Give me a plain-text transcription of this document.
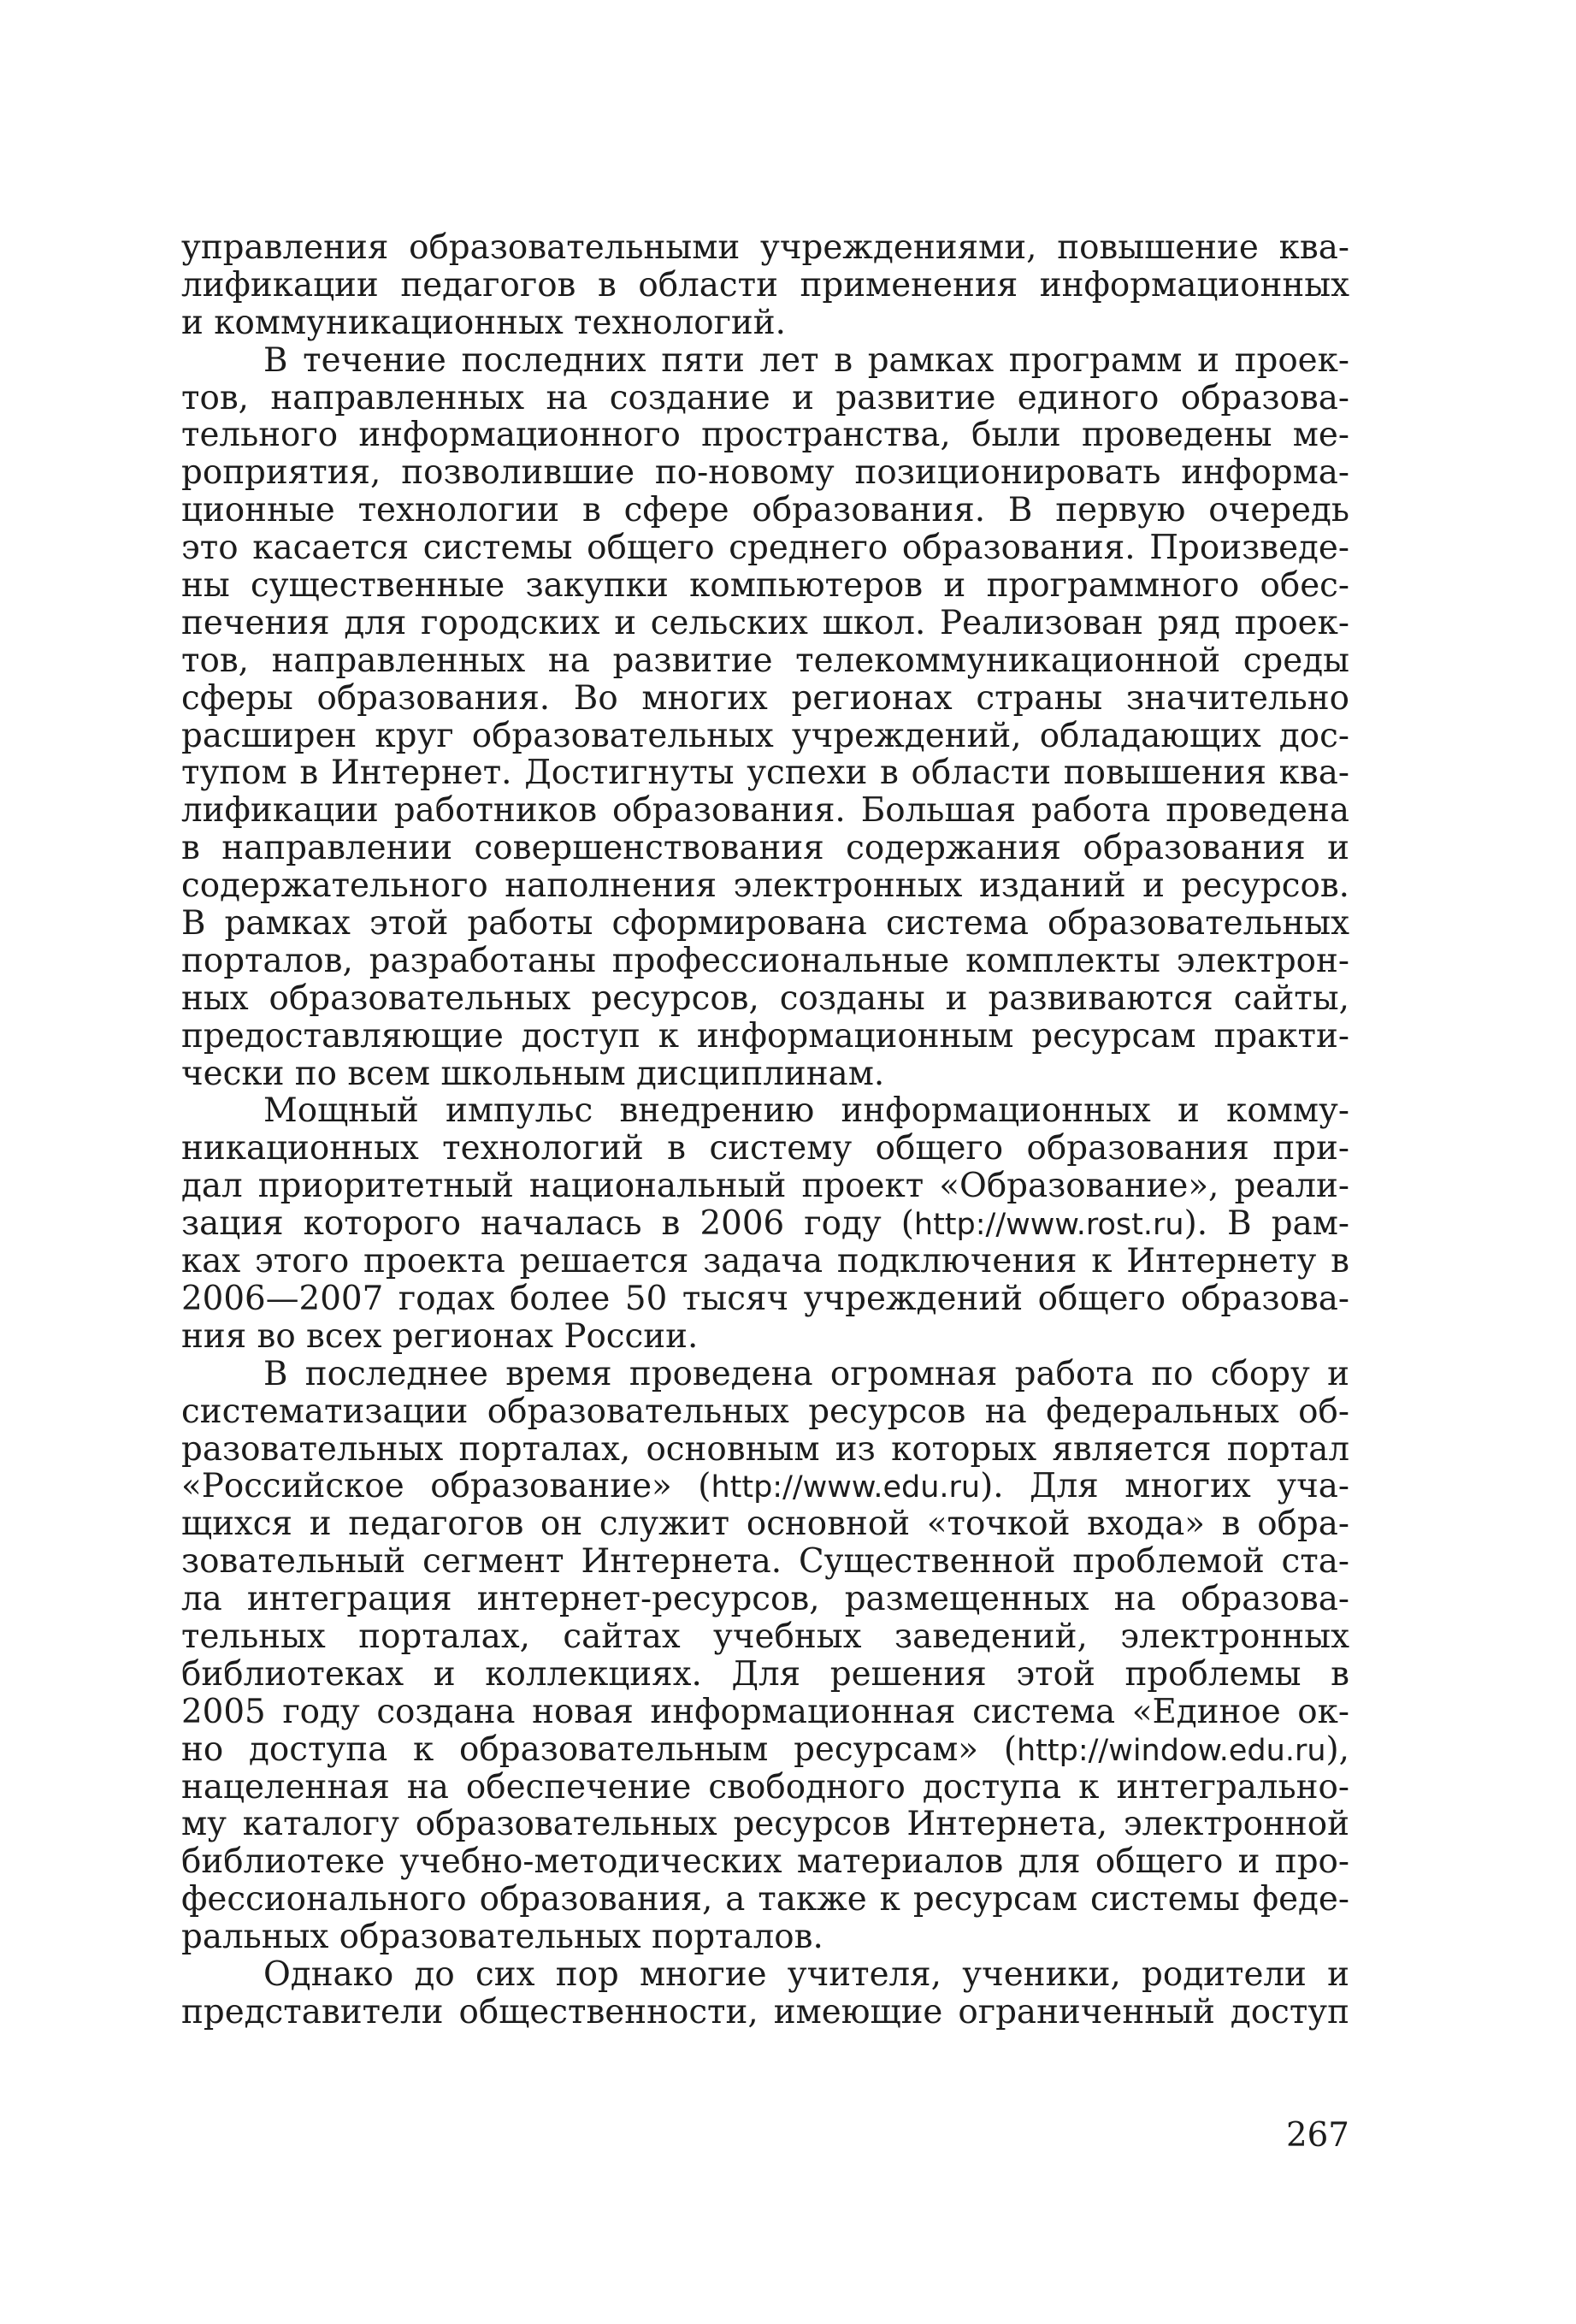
управления образовательными учреждениями, повышение ква-
лификации педагогов в области применения информационных
и коммуникационных технологий.
В течение последних пяти лет в рамках программ и проек-
тов, направленных на создание и развитие единого образова-
тельного информационного пространства, были проведены ме-
роприятия, позволившие по-новому позиционировать информа-
ционные технологии в сфере образования. В первую очередь
это касается системы общего среднего образования. Произведе-
ны существенные закупки компьютеров и программного обес-
печения для городских и сельских школ. Реализован ряд проек-
тов, направленных на развитие телекоммуникационной среды
сферы образования. Во многих регионах страны значительно
расширен круг образовательных учреждений, обладающих дос-
тупом в Интернет. Достигнуты успехи в области повышения ква-
лификации работников образования. Большая работа проведена
в направлении совершенствования содержания образования и
содержательного наполнения электронных изданий и ресурсов.
В рамках этой работы сформирована система образовательных
порталов, разработаны профессиональные комплекты электрон-
ных образовательных ресурсов, созданы и развиваются сайты,
предоставляющие доступ к информационным ресурсам практи-
чески по всем школьным дисциплинам.
Мощный импульс внедрению информационных и комму-
никационных технологий в систему общего образования при-
дал приоритетный национальный проект «Образование», реали-
зация которого началась в 2006 году (http://www.rost.ru). В рам-
ках этого проекта решается задача подключения к Интернету в
2006—2007 годах более 50 тысяч учреждений общего образова-
ния во всех регионах России.
В последнее время проведена огромная работа по сбору и
систематизации образовательных ресурсов на федеральных об-
разовательных порталах, основным из которых является портал
«Российское образование» (http://www.edu.ru). Для многих уча-
щихся и педагогов он служит основной «точкой входа» в обра-
зовательный сегмент Интернета. Существенной проблемой ста-
ла интеграция интернет-ресурсов, размещенных на образова-
тельных порталах, сайтах учебных заведений, электронных
библиотеках и коллекциях. Для решения этой проблемы в
2005 году создана новая информационная система «Единое ок-
но доступа к образовательным ресурсам» (http://window.edu.ru),
нацеленная на обеспечение свободного доступа к интегрально-
му каталогу образовательных ресурсов Интернета, электронной
библиотеке учебно-методических материалов для общего и про-
фессионального образования, а также к ресурсам системы феде-
ральных образовательных порталов.
Однако до сих пор многие учителя, ученики, родители и
представители общественности, имеющие ограниченный доступ
267
